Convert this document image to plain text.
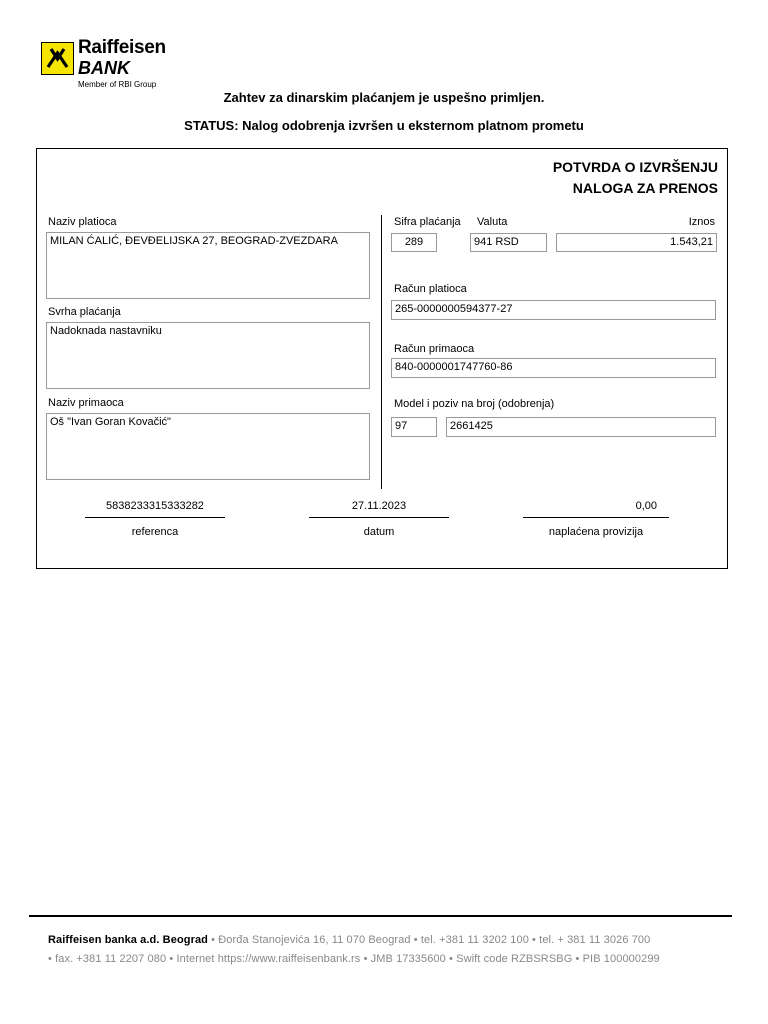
Raiffeisen
BANK
Member of RBI Group
Zahtev za dinarskim plaćanjem je uspešno primljen.
STATUS: Nalog odobrenja izvršen u eksternom platnom prometu
POTVRDA O IZVRŠENJU
NALOGA ZA PRENOS
Naziv platioca
MILAN ĆALIĆ, ĐEVĐELIJSKA 27, BEOGRAD-ZVEZDARA
Svrha plaćanja
Nadoknada nastavniku
Naziv primaoca
Oš "Ivan Goran Kovačić"
Sifra plaćanja Valuta	Iznos
289	941 RSD	1.543,21
Račun platioca
265-0000000594377-27
Račun primaoca
840-0000001747760-86
Model i poziv na broj (odobrenja)
97	2661425
5838233315333282
referenca
27.11.2023
datum
0,00
naplaćena provizija
Raiffeisen banka a.d. Beograd • Đorđa Stanojevića 16, 11 070 Beograd • tel. +381 11 3202 100 • tel. + 381 11 3026 700
• fax. +381 11 2207 080 • Internet https://www.raiffeisenbank.rs • JMB 17335600 • Swift code RZBSRSBG • PIB 100000299
